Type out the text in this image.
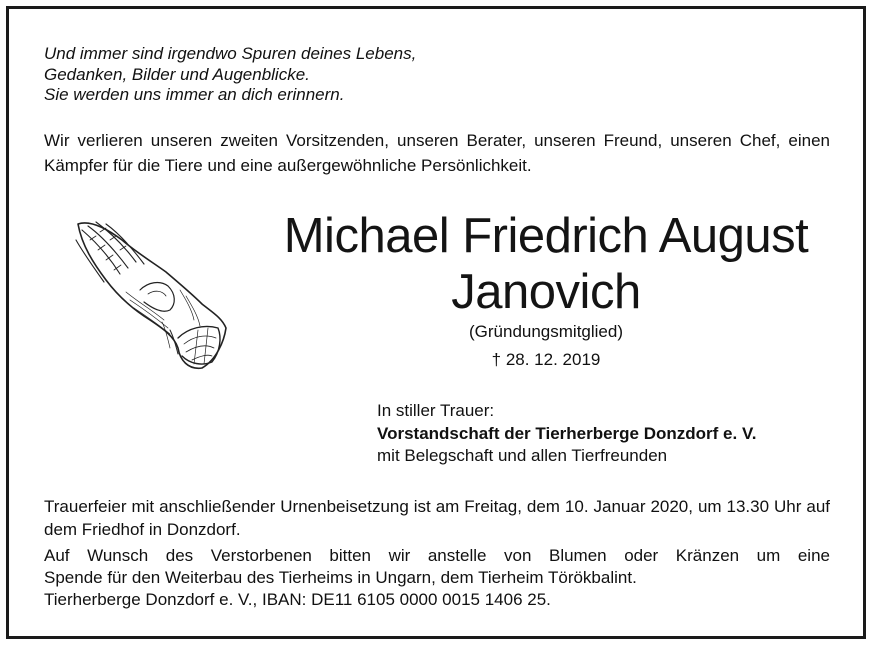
Und immer sind irgendwo Spuren deines Lebens,
Gedanken, Bilder und Augenblicke.
Sie werden uns immer an dich erinnern.
Wir verlieren unseren zweiten Vorsitzenden, unseren Berater, unseren Freund, unseren Chef, einen Kämpfer für die Tiere und eine außergewöhnliche Persönlichkeit.
Michael Friedrich August
Janovich
(Gründungsmitglied)
† 28. 12. 2019
In stiller Trauer:
Vorstandschaft der Tierherberge Donzdorf e. V.
mit Belegschaft und allen Tierfreunden
Trauerfeier mit anschließender Urnenbeisetzung ist am Freitag, dem 10. Januar 2020, um 13.30 Uhr auf dem Friedhof in Donzdorf.
Auf Wunsch des Verstorbenen bitten wir anstelle von Blumen oder Kränzen um eine
Spende für den Weiterbau des Tierheims in Ungarn, dem Tierheim Törökbalint.
Tierherberge Donzdorf e. V., IBAN: DE11 6105 0000 0015 1406 25.
